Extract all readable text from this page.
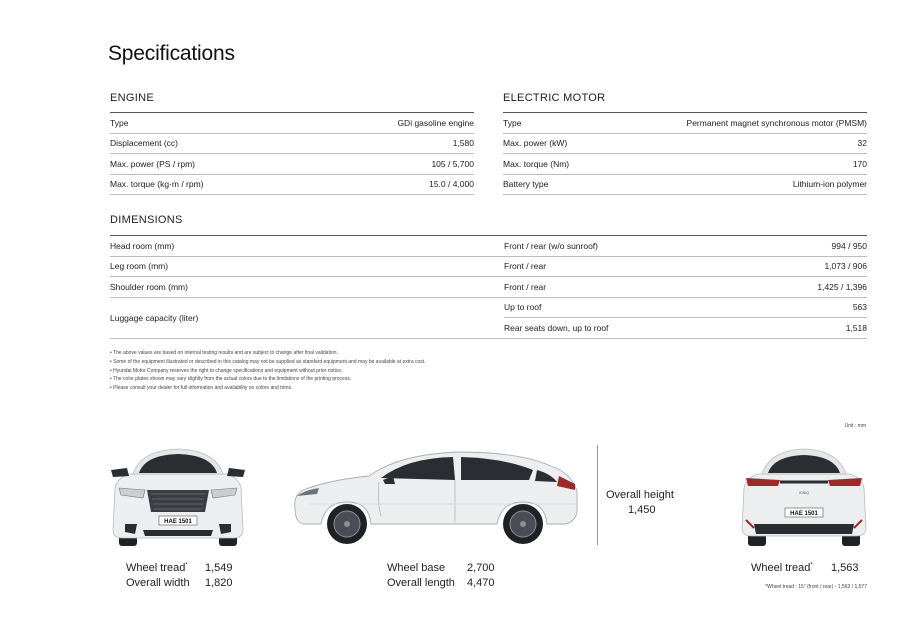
Specifications
ENGINE
Type	GDi gasoline engine
Displacement (cc)	1,580
Max. power (PS / rpm)	105 / 5,700
Max. torque (kg·m / rpm)	15.0 / 4,000
ELECTRIC MOTOR
Type	Permanent magnet synchronous motor (PMSM)
Max. power (kW)	32
Max. torque (Nm)	170
Battery type	Lithium-ion polymer
DIMENSIONS
Head room (mm)	Front / rear (w/o sunroof)	994 / 950
Leg room (mm)	Front / rear	1,073 / 906
Shoulder room (mm)	Front / rear	1,425 / 1,396
Luggage capacity (liter)	Up to roof	563
	Rear seats down, up to roof	1,518
• The above values are based on internal testing results and are subject to change after final validation.
• Some of the equipment illustrated or described in this catalog may not be supplied as standard equipment and may be available at extra cost.
• Hyundai Motor Company reserves the right to change specifications and equipment without prior notice.
• The color plates shown may vary slightly from the actual colors due to the limitations of the printing process.
• Please consult your dealer for full information and availability on colors and trims.
Unit : mm
HAE 1501
IONIQ
HAE 1501
Wheel tread*	1,549
Overall width	1,820
Wheel base	2,700
Overall length	4,470
Overall height
1,450
Wheel tread*	1,563
*Wheel tread : 15" (front / rear) - 1,563 / 1,577
